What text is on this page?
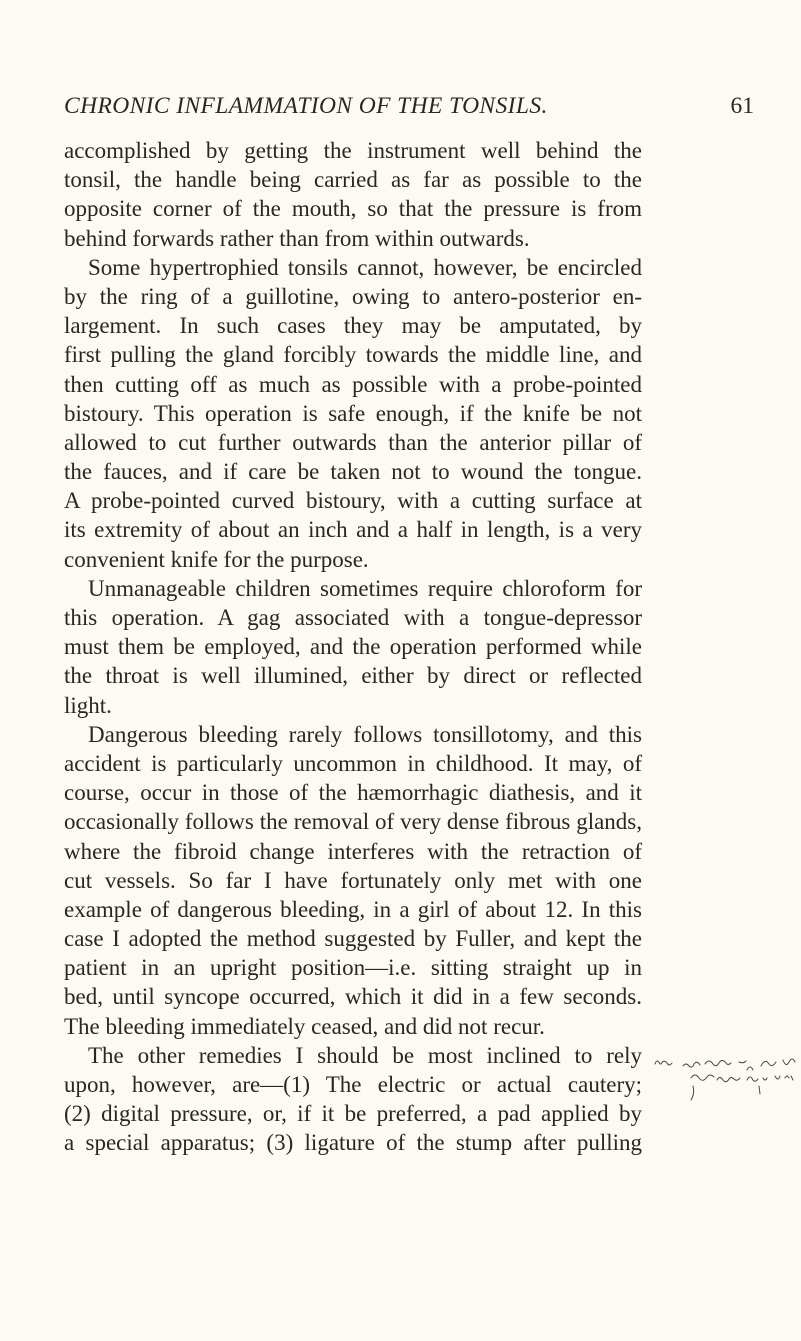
CHRONIC INFLAMMATION OF THE TONSILS.	61
accomplished by getting the instrument well behind the
tonsil, the handle being carried as far as possible to the
opposite corner of the mouth, so that the pressure is from
behind forwards rather than from within outwards.
Some hypertrophied tonsils cannot, however, be encircled
by the ring of a guillotine, owing to antero-posterior en-
largement. In such cases they may be amputated, by
first pulling the gland forcibly towards the middle line, and
then cutting off as much as possible with a probe-pointed
bistoury. This operation is safe enough, if the knife be not
allowed to cut further outwards than the anterior pillar of
the fauces, and if care be taken not to wound the tongue.
A probe-pointed curved bistoury, with a cutting surface at
its extremity of about an inch and a half in length, is a very
convenient knife for the purpose.
Unmanageable children sometimes require chloroform for
this operation. A gag associated with a tongue-depressor
must them be employed, and the operation performed while
the throat is well illumined, either by direct or reflected
light.
Dangerous bleeding rarely follows tonsillotomy, and this
accident is particularly uncommon in childhood. It may, of
course, occur in those of the hæmorrhagic diathesis, and it
occasionally follows the removal of very dense fibrous glands,
where the fibroid change interferes with the retraction of
cut vessels. So far I have fortunately only met with one
example of dangerous bleeding, in a girl of about 12. In this
case I adopted the method suggested by Fuller, and kept the
patient in an upright position—i.e. sitting straight up in
bed, until syncope occurred, which it did in a few seconds.
The bleeding immediately ceased, and did not recur.
The other remedies I should be most inclined to rely
upon, however, are—(1) The electric or actual cautery;
(2) digital pressure, or, if it be preferred, a pad applied by
a special apparatus; (3) ligature of the stump after pulling
